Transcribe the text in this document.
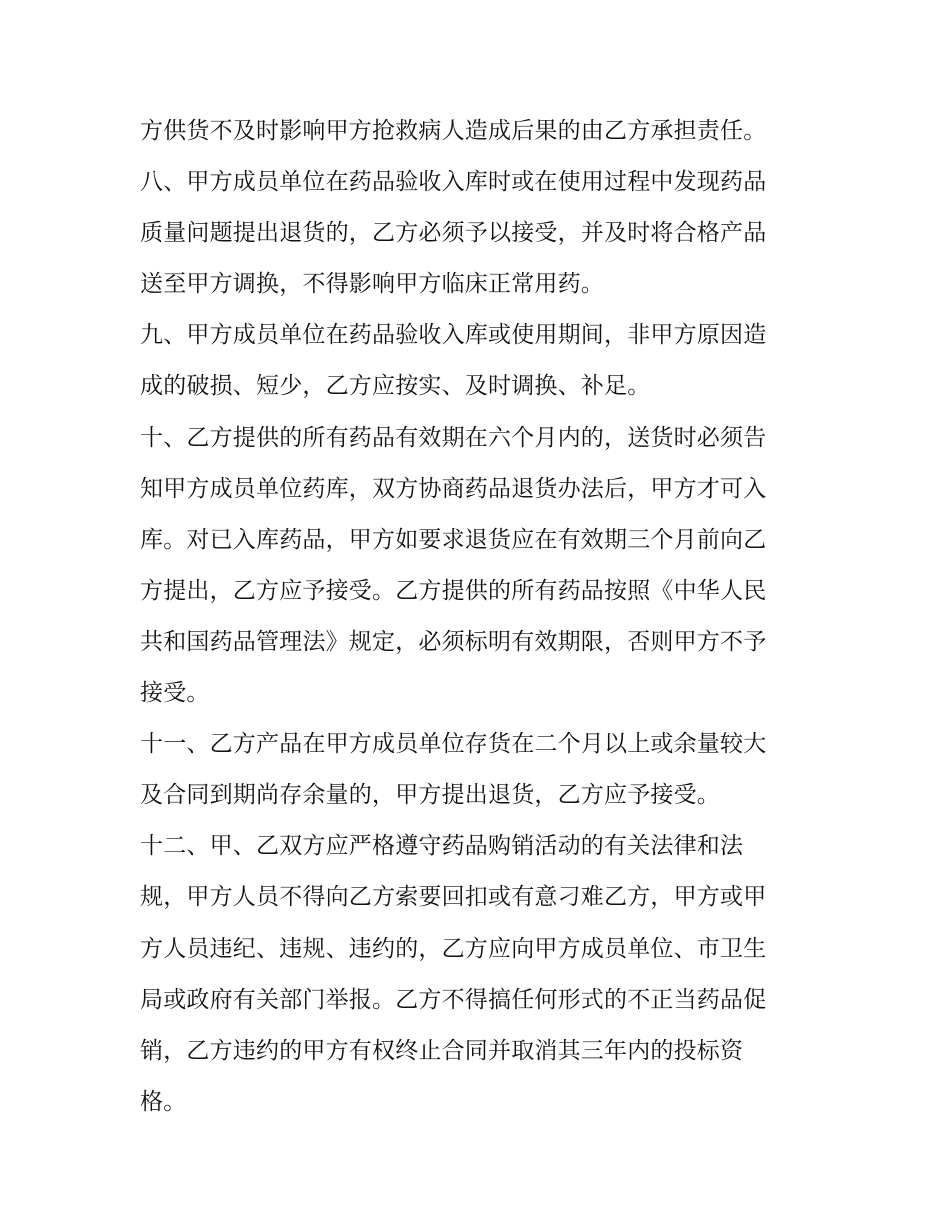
方供货不及时影响甲方抢救病人造成后果的由乙方承担责任。
八、甲方成员单位在药品验收入库时或在使用过程中发现药品
质量问题提出退货的，乙方必须予以接受，并及时将合格产品
送至甲方调换，不得影响甲方临床正常用药。
九、甲方成员单位在药品验收入库或使用期间，非甲方原因造
成的破损、短少，乙方应按实、及时调换、补足。
十、乙方提供的所有药品有效期在六个月内的，送货时必须告
知甲方成员单位药库，双方协商药品退货办法后，甲方才可入
库。对已入库药品，甲方如要求退货应在有效期三个月前向乙
方提出，乙方应予接受。乙方提供的所有药品按照《中华人民
共和国药品管理法》规定，必须标明有效期限，否则甲方不予
接受。
十一、乙方产品在甲方成员单位存货在二个月以上或余量较大
及合同到期尚存余量的，甲方提出退货，乙方应予接受。
十二、甲、乙双方应严格遵守药品购销活动的有关法律和法
规，甲方人员不得向乙方索要回扣或有意刁难乙方，甲方或甲
方人员违纪、违规、违约的，乙方应向甲方成员单位、市卫生
局或政府有关部门举报。乙方不得搞任何形式的不正当药品促
销，乙方违约的甲方有权终止合同并取消其三年内的投标资
格。
